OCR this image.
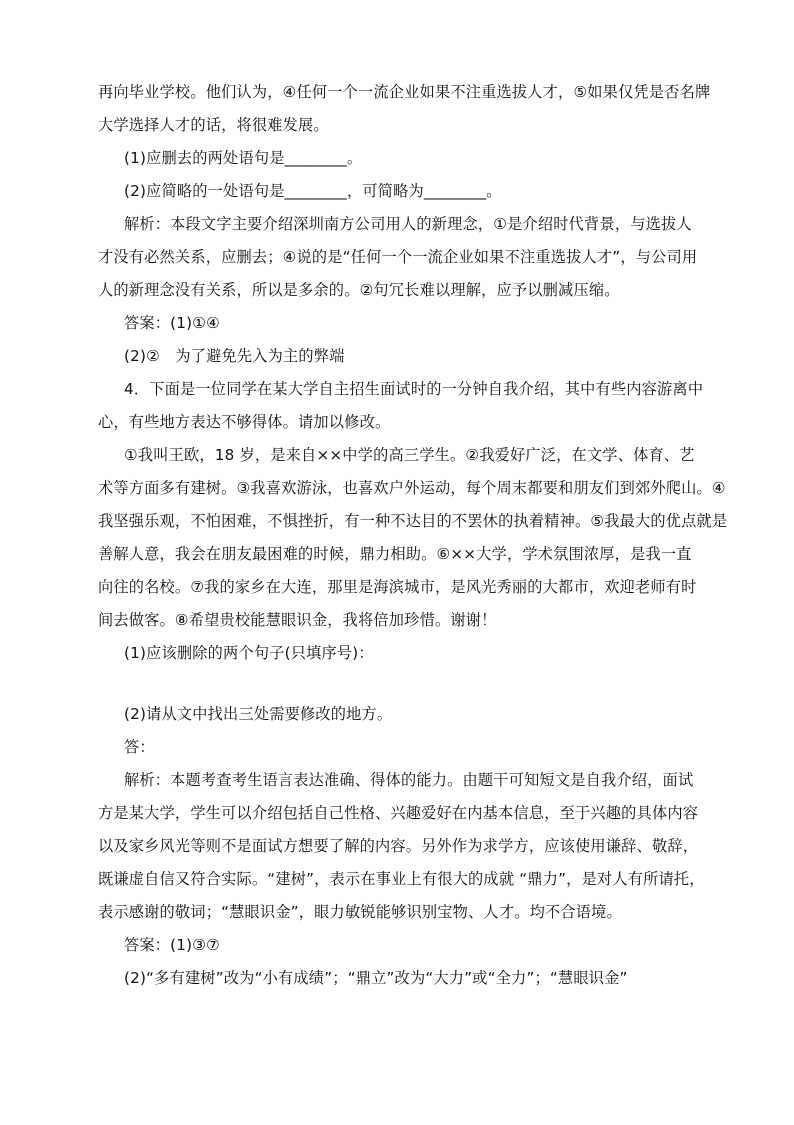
再向毕业学校。他们认为，④任何一个一流企业如果不注重选拔人才，⑤如果仅凭是否名牌

大学选择人才的话，将很难发展。

(1)应删去的两处语句是________。

(2)应简略的一处语句是________，可简略为________。

解析：本段文字主要介绍深圳南方公司用人的新理念，①是介绍时代背景，与选拔人

才没有必然关系，应删去；④说的是“任何一个一流企业如果不注重选拔人才”，与公司用

人的新理念没有关系，所以是多余的。②句冗长难以理解，应予以删减压缩。

答案：(1)①④

(2)②　为了避免先入为主的弊端

4．下面是一位同学在某大学自主招生面试时的一分钟自我介绍，其中有些内容游离中

心，有些地方表达不够得体。请加以修改。

①我叫王欧，18 岁，是来自××中学的高三学生。②我爱好广泛，在文学、体育、艺

术等方面多有建树。③我喜欢游泳，也喜欢户外运动，每个周末都要和朋友们到郊外爬山。④

我坚强乐观，不怕困难，不惧挫折，有一种不达目的不罢休的执着精神。⑤我最大的优点就是

善解人意，我会在朋友最困难的时候，鼎力相助。⑥××大学，学术氛围浓厚，是我一直

向往的名校。⑦我的家乡在大连，那里是海滨城市，是风光秀丽的大都市，欢迎老师有时

间去做客。⑧希望贵校能慧眼识金，我将倍加珍惜。谢谢！

(1)应该删除的两个句子(只填序号)：

(2)请从文中找出三处需要修改的地方。

答：

解析：本题考查考生语言表达准确、得体的能力。由题干可知短文是自我介绍，面试

方是某大学，学生可以介绍包括自己性格、兴趣爱好在内基本信息，至于兴趣的具体内容

以及家乡风光等则不是面试方想要了解的内容。另外作为求学方，应该使用谦辞、敬辞，

既谦虚自信又符合实际。“建树”，表示在事业上有很大的成就 “鼎力”，是对人有所请托，

表示感谢的敬词；“慧眼识金”，眼力敏锐能够识别宝物、人才。均不合语境。

答案：(1)③⑦

(2)“多有建树”改为“小有成绩”；“鼎立”改为“大力”或“全力”；“慧眼识金”
